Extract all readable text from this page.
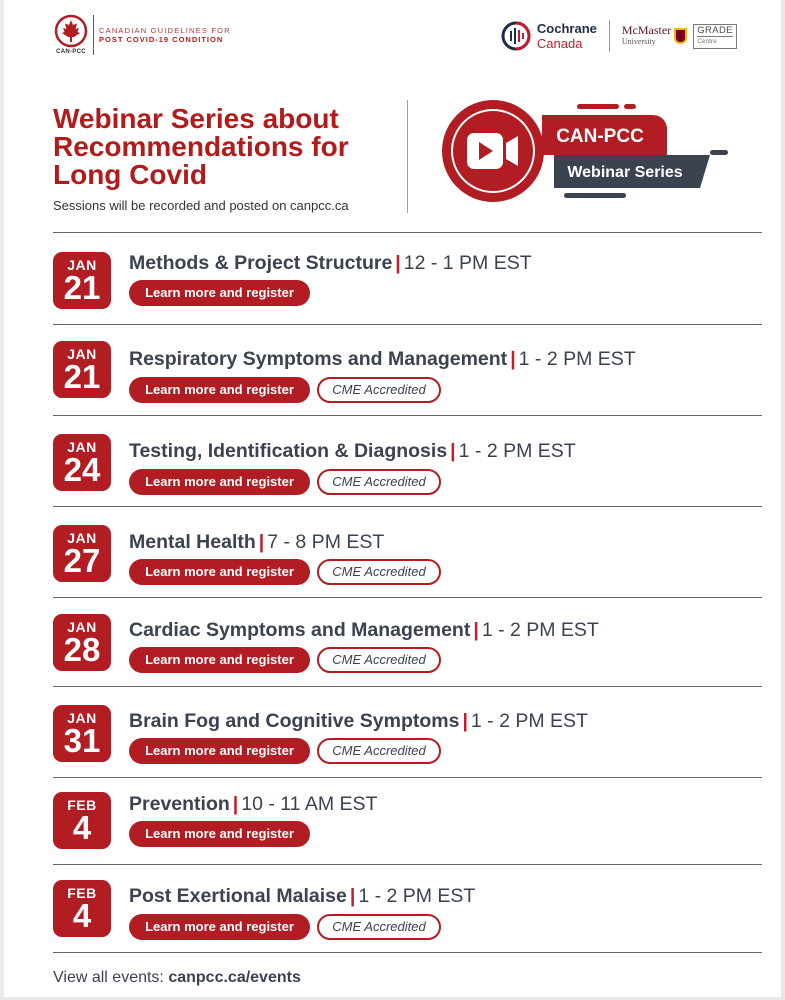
CAN-PCC
CANADIAN GUIDELINES FOR
POST COVID-19 CONDITION
Cochrane
Canada
McMaster
University
GRADE
Centre
Webinar Series about Recommendations for Long Covid
Sessions will be recorded and posted on canpcc.ca
CAN-PCC
Webinar Series
JAN
21
Methods & Project Structure | 12 - 1 PM EST
Learn more and register
JAN
21	Respiratory Symptoms and Management | 1 - 2 PM EST
Learn more and register	CME Accredited
JAN
24	Testing, Identification & Diagnosis | 1 - 2 PM EST
Learn more and register	CME Accredited
JAN
27	Mental Health | 7 - 8 PM EST
Learn more and register	CME Accredited
JAN
28
Cardiac Symptoms and Management | 1 - 2 PM EST
Learn more and register	CME Accredited
JAN
31
Brain Fog and Cognitive Symptoms | 1 - 2 PM EST
Learn more and register	CME Accredited
FEB
4
Prevention | 10 - 11 AM EST
Learn more and register
FEB
4
Post Exertional Malaise | 1 - 2 PM EST
Learn more and register	CME Accredited
View all events: canpcc.ca/events
